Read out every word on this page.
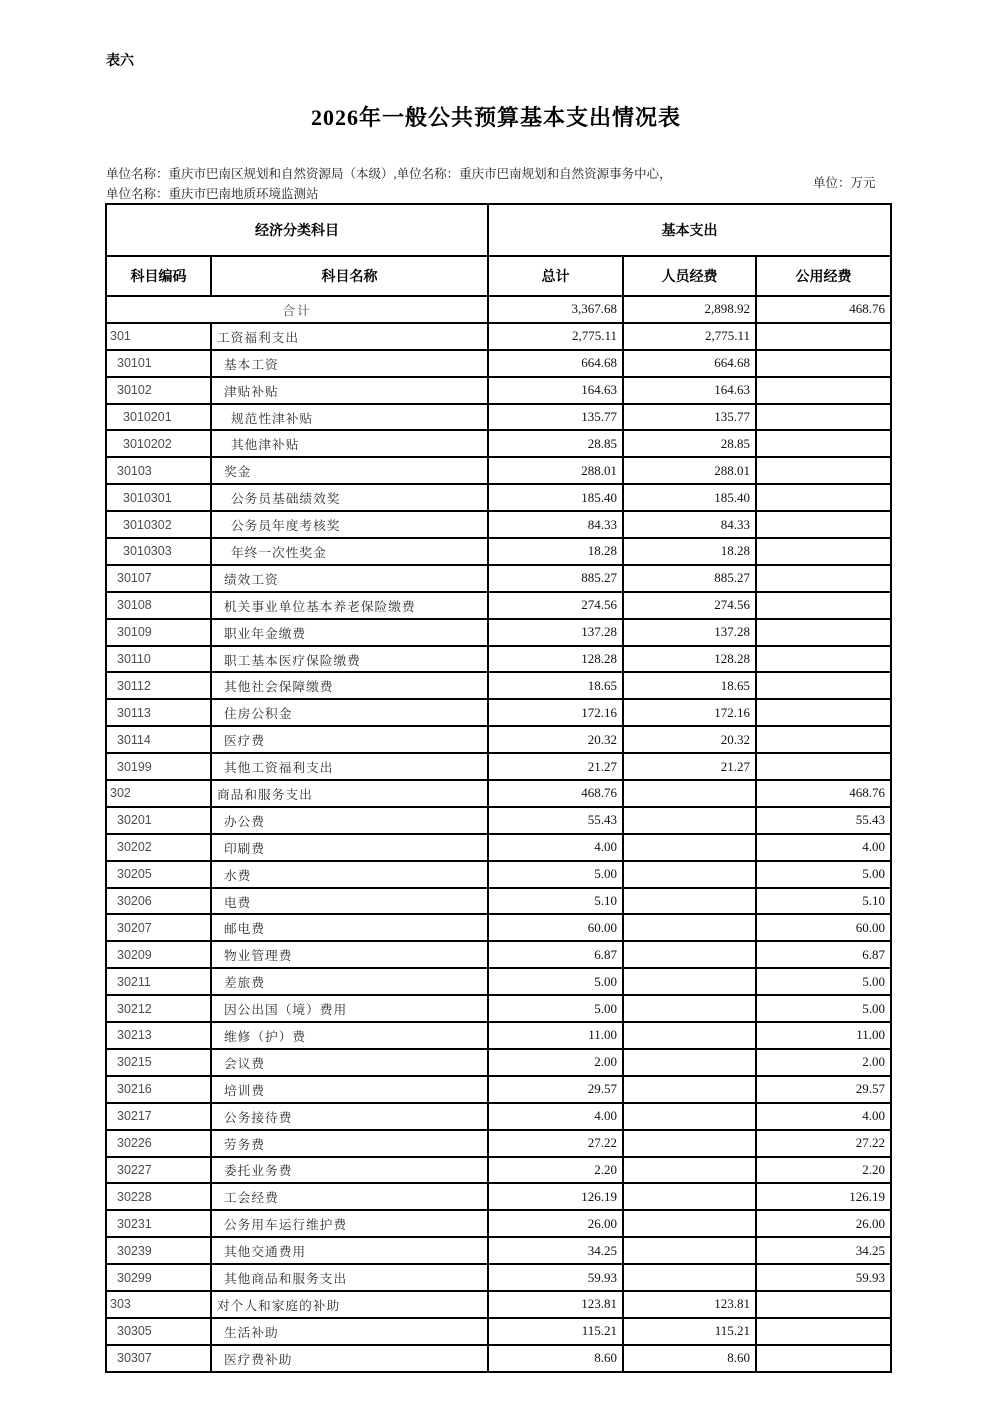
表六
2026年一般公共预算基本支出情况表
单位名称：重庆市巴南区规划和自然资源局（本级）,单位名称：重庆市巴南规划和自然资源事务中心，
单位名称：重庆市巴南地质环境监测站
单位：万元
经济分类科目		基本支出		
科目编码	科目名称	总计	人员经费	公用经费
合计		3,367.68	2,898.92	468.76
301	工资福利支出	2,775.11	2,775.11	
30101	基本工资	664.68	664.68	
30102	津贴补贴	164.63	164.63	
3010201	规范性津补贴	135.77	135.77	
3010202	其他津补贴	28.85	28.85	
30103	奖金	288.01	288.01	
3010301	公务员基础绩效奖	185.40	185.40	
3010302	公务员年度考核奖	84.33	84.33	
3010303	年终一次性奖金	18.28	18.28	
30107	绩效工资	885.27	885.27	
30108	机关事业单位基本养老保险缴费	274.56	274.56	
30109	职业年金缴费	137.28	137.28	
30110	职工基本医疗保险缴费	128.28	128.28	
30112	其他社会保障缴费	18.65	18.65	
30113	住房公积金	172.16	172.16	
30114	医疗费	20.32	20.32	
30199	其他工资福利支出	21.27	21.27	
302	商品和服务支出	468.76		468.76
30201	办公费	55.43		55.43
30202	印刷费	4.00		4.00
30205	水费	5.00		5.00
30206	电费	5.10		5.10
30207	邮电费	60.00		60.00
30209	物业管理费	6.87		6.87
30211	差旅费	5.00		5.00
30212	因公出国（境）费用	5.00		5.00
30213	维修（护）费	11.00		11.00
30215	会议费	2.00		2.00
30216	培训费	29.57		29.57
30217	公务接待费	4.00		4.00
30226	劳务费	27.22		27.22
30227	委托业务费	2.20		2.20
30228	工会经费	126.19		126.19
30231	公务用车运行维护费	26.00		26.00
30239	其他交通费用	34.25		34.25
30299	其他商品和服务支出	59.93		59.93
303	对个人和家庭的补助	123.81	123.81	
30305	生活补助	115.21	115.21	
30307	医疗费补助	8.60	8.60	
